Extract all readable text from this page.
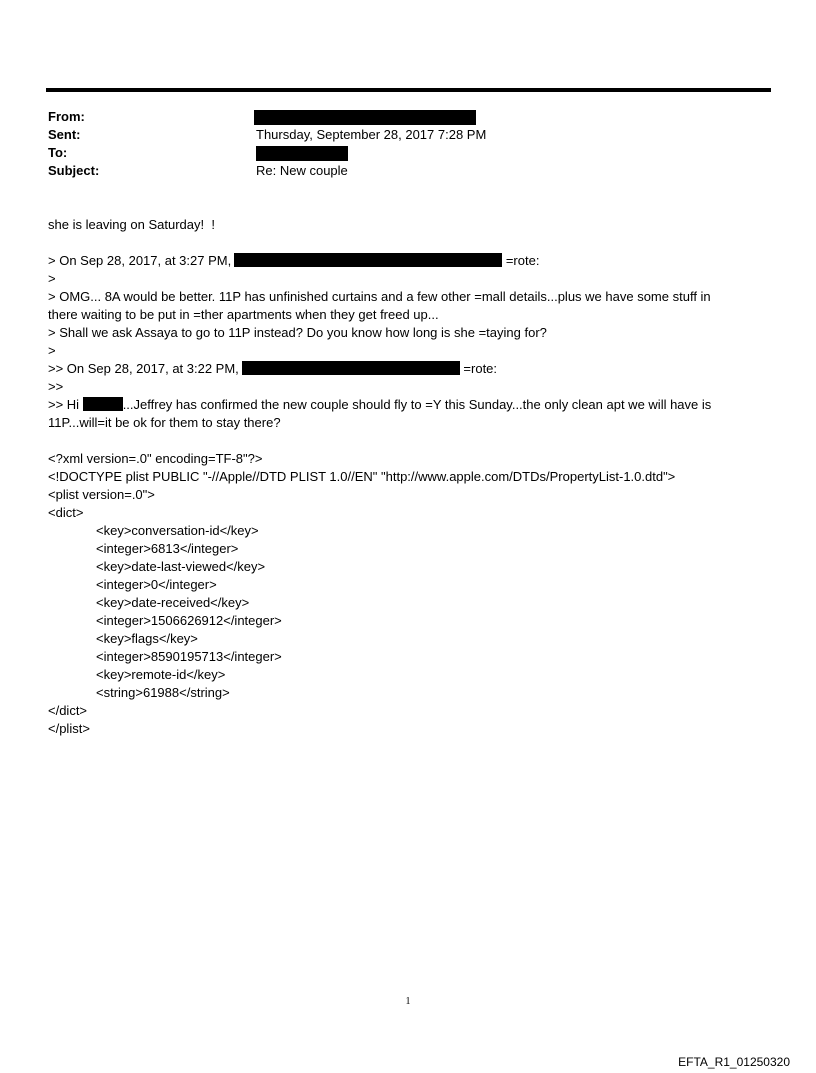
From:
Sent:	Thursday, September 28, 2017 7:28 PM
To:
Subject:	Re: New couple
she is leaving on Saturday!  !
> On Sep 28, 2017, at 3:27 PM,	=rote:
>
> OMG... 8A would be better. 11P has unfinished curtains and a few other =mall details...plus we have some stuff in
there waiting to be put in =ther apartments when they get freed up...
> Shall we ask Assaya to go to 11P instead? Do you know how long is she =taying for?
>
>> On Sep 28, 2017, at 3:22 PM,	=rote:
>>
>> Hi	...Jeffrey has confirmed the new couple should fly to =Y this Sunday...the only clean apt we will have is
11P...will=it be ok for them to stay there?
<?xml version=.0" encoding=TF-8"?>
<!DOCTYPE plist PUBLIC "-//Apple//DTD PLIST 1.0//EN" "http://www.apple.com/DTDs/PropertyList-1.0.dtd">
<plist version=.0">
<dict>
<key>conversation-id</key>
<integer>6813</integer>
<key>date-last-viewed</key>
<integer>0</integer>
<key>date-received</key>
<integer>1506626912</integer>
<key>flags</key>
<integer>8590195713</integer>
<key>remote-id</key>
<string>61988</string>
</dict>
</plist>
1
EFTA_R1_01250320
